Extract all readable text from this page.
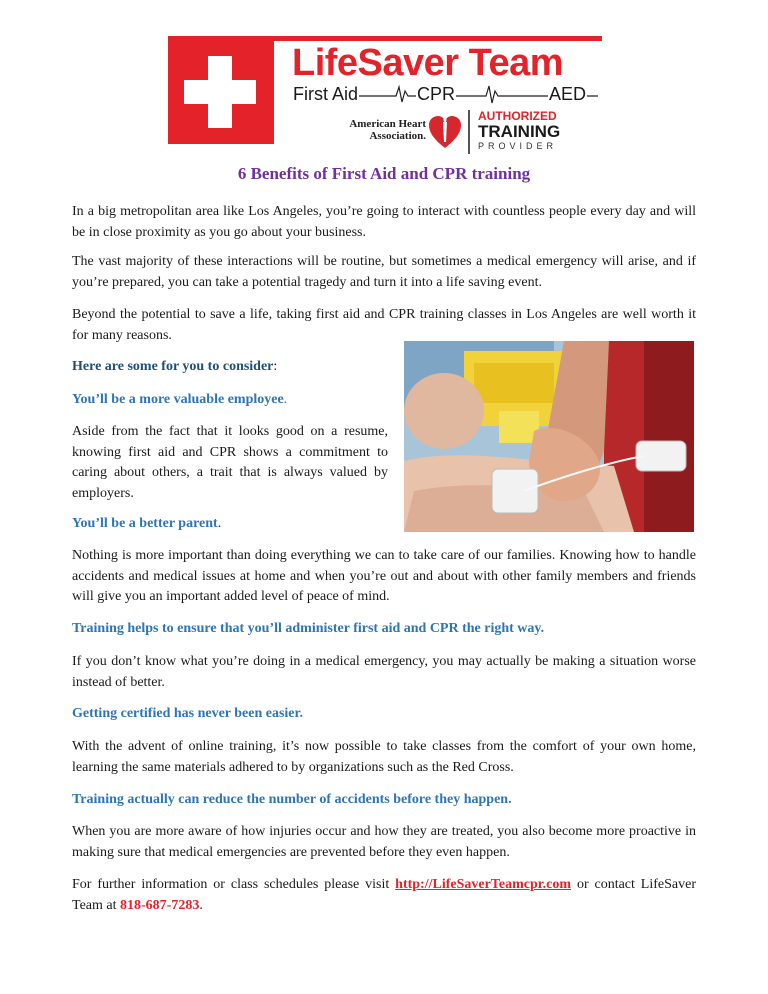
LifeSaver Team
First Aid	CPR	AED
American Heart
Association.
AUTHORIZED
TRAINING
PROVIDER
6 Benefits of First Aid and CPR training

In a big metropolitan area like Los Angeles, you’re going to interact with countless people every day and will be in close proximity as you go about your business.

The vast majority of these interactions will be routine, but sometimes a medical emergency will arise, and if you’re prepared, you can take a potential tragedy and turn it into a life saving event.

Beyond the potential to save a life, taking first aid and CPR training classes in Los Angeles are well worth it for many reasons.

Here are some for you to consider:

You’ll be a more valuable employee.

Aside from the fact that it looks good on a resume, knowing first aid and CPR shows a commitment to caring about others, a trait that is always valued by employers.

You’ll be a better parent.

Nothing is more important than doing everything we can to take care of our families. Knowing how to handle accidents and medical issues at home and when you’re out and about with other family members and friends will give you an important added level of peace of mind.

Training helps to ensure that you’ll administer first aid and CPR the right way.

If you don’t know what you’re doing in a medical emergency, you may actually be making a situation worse instead of better.

Getting certified has never been easier.

With the advent of online training, it’s now possible to take classes from the comfort of your own home, learning the same materials adhered to by organizations such as the Red Cross.

Training actually can reduce the number of accidents before they happen.

When you are more aware of how injuries occur and how they are treated, you also become more proactive in making sure that medical emergencies are prevented before they even happen.

For further information or class schedules please visit http://LifeSaverTeamcpr.com or contact LifeSaver Team at 818-687-7283.
